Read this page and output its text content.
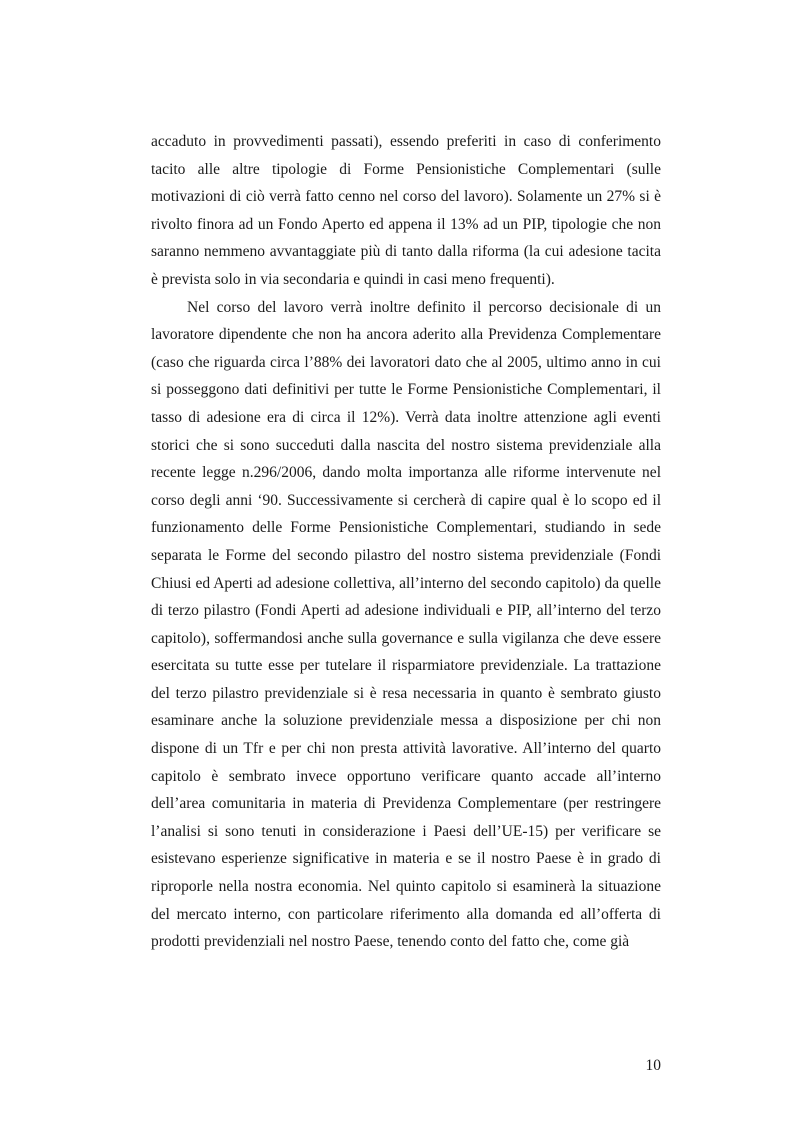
accaduto in provvedimenti passati), essendo preferiti in caso di conferimento tacito alle altre tipologie di Forme Pensionistiche Complementari (sulle motivazioni di ciò verrà fatto cenno nel corso del lavoro). Solamente un 27% si è rivolto finora ad un Fondo Aperto ed appena il 13% ad un PIP, tipologie che non saranno nemmeno avvantaggiate più di tanto dalla riforma (la cui adesione tacita è prevista solo in via secondaria e quindi in casi meno frequenti).

Nel corso del lavoro verrà inoltre definito il percorso decisionale di un lavoratore dipendente che non ha ancora aderito alla Previdenza Complementare (caso che riguarda circa l’88% dei lavoratori dato che al 2005, ultimo anno in cui si posseggono dati definitivi per tutte le Forme Pensionistiche Complementari, il tasso di adesione era di circa il 12%). Verrà data inoltre attenzione agli eventi storici che si sono succeduti dalla nascita del nostro sistema previdenziale alla recente legge n.296/2006, dando molta importanza alle riforme intervenute nel corso degli anni ‘90. Successivamente si cercherà di capire qual è lo scopo ed il funzionamento delle Forme Pensionistiche Complementari, studiando in sede separata le Forme del secondo pilastro del nostro sistema previdenziale (Fondi Chiusi ed Aperti ad adesione collettiva, all’interno del secondo capitolo) da quelle di terzo pilastro (Fondi Aperti ad adesione individuali e PIP, all’interno del terzo capitolo), soffermandosi anche sulla governance e sulla vigilanza che deve essere esercitata su tutte esse per tutelare il risparmiatore previdenziale. La trattazione del terzo pilastro previdenziale si è resa necessaria in quanto è sembrato giusto esaminare anche la soluzione previdenziale messa a disposizione per chi non dispone di un Tfr e per chi non presta attività lavorative. All’interno del quarto capitolo è sembrato invece opportuno verificare quanto accade all’interno dell’area comunitaria in materia di Previdenza Complementare (per restringere l’analisi si sono tenuti in considerazione i Paesi dell’UE-15) per verificare se esistevano esperienze significative in materia e se il nostro Paese è in grado di riproporle nella nostra economia. Nel quinto capitolo si esaminerà la situazione del mercato interno, con particolare riferimento alla domanda ed all’offerta di prodotti previdenziali nel nostro Paese, tenendo conto del fatto che, come già

10
